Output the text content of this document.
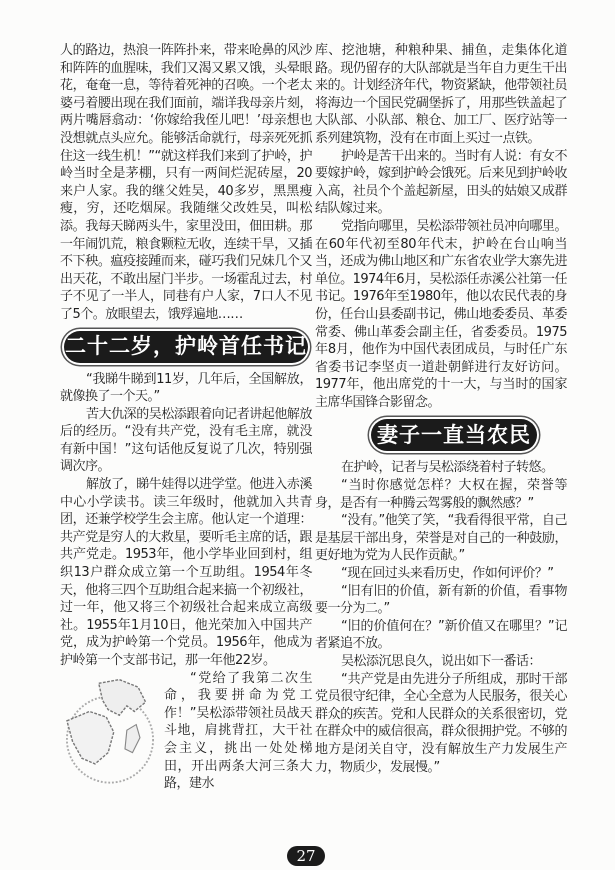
人的路边，热浪一阵阵扑来，带来呛鼻的风沙和阵阵的血腥味，我们又渴又累又饿，头晕眼花，奄奄一息，等待着死神的召唤。一个老太婆弓着腰出现在我们面前，端详我母亲片刻，两片嘴唇翕动：‘你嫁给我侄儿吧！’母亲想也没想就点头应允。能够活命就行，母亲死死抓住这一线生机！”“就这样我们来到了护岭，护岭当时全是茅棚，只有一两间烂泥砖屋，20来户人家。我的继父姓吴，40多岁，黑黑瘦瘦，穷，还吃烟屎。我随继父改姓吴，叫松添。我每天睇两头牛，家里没田，佃田耕。那一年闹饥荒，粮食颗粒无收，连续干旱，又插不下秧。瘟疫接踵而来，碰巧我们兄妹几个又出天花，不敢出屋门半步。一场霍乱过去，村子不见了一半人，同巷有户人家，7口人不见了5个。放眼望去，饿殍遍地……

二十二岁，护岭首任书记

“我睇牛睇到11岁，几年后，全国解放，就像换了一个天。”

苦大仇深的吴松添跟着向记者讲起他解放后的经历。“没有共产党，没有毛主席，就没有新中国！”这句话他反复说了几次，特别强调次序。

解放了，睇牛娃得以进学堂。他进入赤溪中心小学读书。读三年级时，他就加入共青团，还兼学校学生会主席。他认定一个道理：共产党是穷人的大救星，要听毛主席的话，跟共产党走。1953年，他小学毕业回到村，组织13户群众成立第一个互助组。1954年冬天，他将三四个互助组合起来搞一个初级社，过一年，他又将三个初级社合起来成立高级社。1955年1月10日，他光荣加入中国共产党，成为护岭第一个党员。1956年，他成为护岭第一个支部书记，那一年他22岁。

“党给了我第二次生命，我要拼命为党工作！”吴松添带领社员战天斗地，肩挑背扛，大干社会主义，挑出一处处梯田，开出两条大河三条大路，建水

库、挖池塘，种粮种果、捕鱼，走集体化道路。现仍留存的大队部就是当年自力更生干出来的。计划经济年代，物资紧缺，他带领社员将海边一个国民党碉堡拆了，用那些铁盖起了大队部、小队部、粮仓、加工厂、医疗站等一系列建筑物，没有在市面上买过一点铁。

护岭是苦干出来的。当时有人说：有女不要嫁护岭，嫁到护岭会饿死。后来见到护岭收入高，社员个个盖起新屋，田头的姑娘又成群结队嫁过来。

党指向哪里，吴松添带领社员冲向哪里。在60年代初至80年代末，护岭在台山响当当，还成为佛山地区和广东省农业学大寨先进单位。1974年6月，吴松添任赤溪公社第一任书记。1976年至1980年，他以农民代表的身份，任台山县委副书记，佛山地委委员、革委常委、佛山革委会副主任，省委委员。1975年8月，他作为中国代表团成员，与时任广东省委书记李坚贞一道赴朝鲜进行友好访问。1977年，他出席党的十一大，与当时的国家主席华国锋合影留念。

妻子一直当农民

在护岭，记者与吴松添绕着村子转悠。

“当时你感觉怎样？大权在握，荣誉等身，是否有一种腾云驾雾般的飘然感？”

“没有。”他笑了笑，“我看得很平常，自己是基层干部出身，荣誉是对自己的一种鼓励，更好地为党为人民作贡献。”

“现在回过头来看历史，作如何评价？”

“旧有旧的价值，新有新的价值，看事物要一分为二。”

“旧的价值何在？”新价值又在哪里？”记者紧追不放。

吴松添沉思良久，说出如下一番话：

“共产党是由先进分子所组成，那时干部党员很守纪律，全心全意为人民服务，很关心群众的疾苦。党和人民群众的关系很密切，党在群众中的威信很高，群众很拥护党。不够的地方是闭关自守，没有解放生产力发展生产力，物质少，发展慢。”

27
